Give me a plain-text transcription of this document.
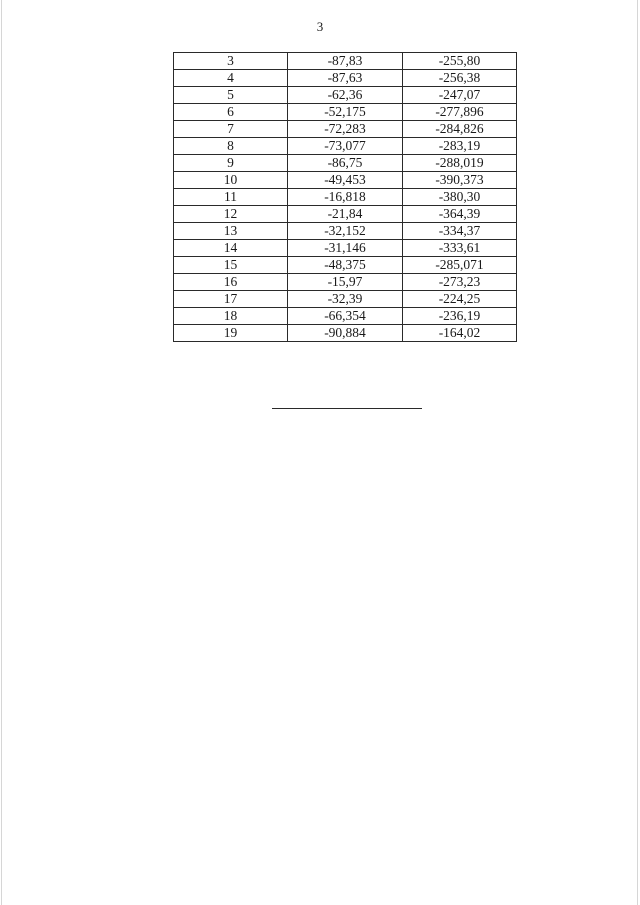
3
3	-87,83	-255,80
4	-87,63	-256,38
5	-62,36	-247,07
6	-52,175	-277,896
7	-72,283	-284,826
8	-73,077	-283,19
9	-86,75	-288,019
10	-49,453	-390,373
11	-16,818	-380,30
12	-21,84	-364,39
13	-32,152	-334,37
14	-31,146	-333,61
15	-48,375	-285,071
16	-15,97	-273,23
17	-32,39	-224,25
18	-66,354	-236,19
19	-90,884	-164,02
